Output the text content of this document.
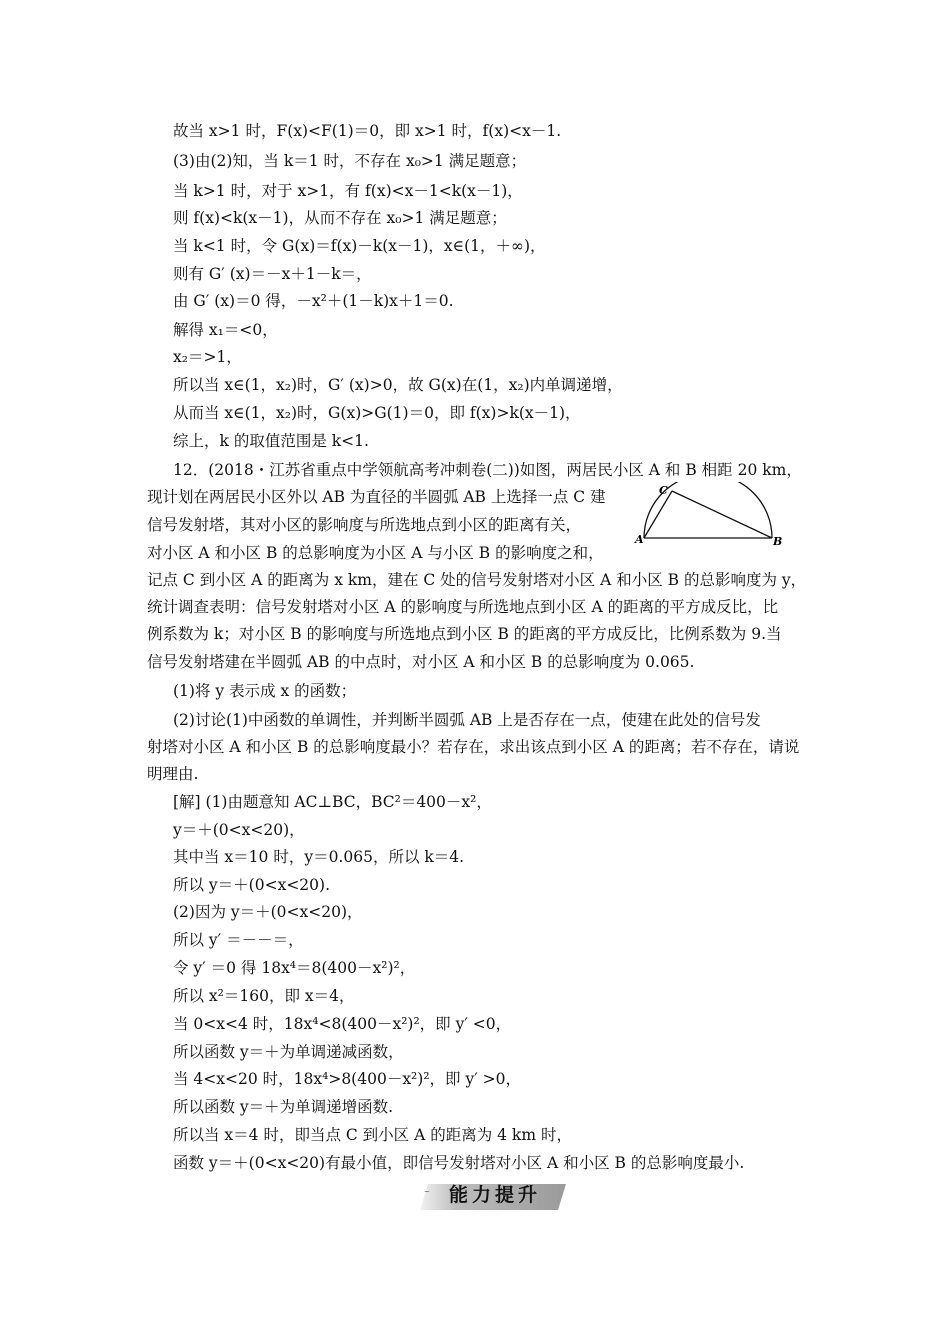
故当 x>1 时，F(x)<F(1)＝0，即 x>1 时，f(x)<x－1.
(3)由(2)知，当 k＝1 时，不存在 x₀>1 满足题意；
当 k>1 时，对于 x>1，有 f(x)<x－1<k(x－1)，
则 f(x)<k(x－1)，从而不存在 x₀>1 满足题意；
当 k<1 时，令 G(x)＝f(x)－k(x－1)，x∈(1，＋∞)，
则有 G′ (x)＝－x＋1－k＝，
由 G′ (x)＝0 得，－x²＋(1－k)x＋1＝0.
解得 x₁＝<0，
x₂＝>1，
所以当 x∈(1，x₂)时，G′ (x)>0，故 G(x)在(1，x₂)内单调递增，
从而当 x∈(1，x₂)时，G(x)>G(1)＝0，即 f(x)>k(x－1)，
综上，k 的取值范围是 k<1.
12．(2018・江苏省重点中学领航高考冲刺卷(二))如图，两居民小区 A 和 B 相距 20 km，
现计划在两居民小区外以 AB 为直径的半圆弧 AB 上选择一点 C 建
信号发射塔，其对小区的影响度与所选地点到小区的距离有关，
对小区 A 和小区 B 的总影响度为小区 A 与小区 B 的影响度之和，
记点 C 到小区 A 的距离为 x km，建在 C 处的信号发射塔对小区 A 和小区 B 的总影响度为 y，
统计调查表明：信号发射塔对小区 A 的影响度与所选地点到小区 A 的距离的平方成反比，比
例系数为 k；对小区 B 的影响度与所选地点到小区 B 的距离的平方成反比，比例系数为 9.当
信号发射塔建在半圆弧 AB 的中点时，对小区 A 和小区 B 的总影响度为 0.065.
(1)将 y 表示成 x 的函数；
(2)讨论(1)中函数的单调性，并判断半圆弧 AB 上是否存在一点，使建在此处的信号发
射塔对小区 A 和小区 B 的总影响度最小？若存在，求出该点到小区 A 的距离；若不存在，请说
明理由.
[解] (1)由题意知 AC⊥BC，BC²＝400－x²，
y＝＋(0<x<20)，
其中当 x＝10 时，y＝0.065，所以 k＝4.
所以 y＝＋(0<x<20).
(2)因为 y＝＋(0<x<20)，
所以 y′ ＝－－＝，
令 y′ ＝0 得 18x⁴＝8(400－x²)²，
所以 x²＝160，即 x＝4，
当 0<x<4 时，18x⁴<8(400－x²)²，即 y′ <0，
所以函数 y＝＋为单调递减函数，
当 4<x<20 时，18x⁴>8(400－x²)²，即 y′ >0，
所以函数 y＝＋为单调递增函数.
所以当 x＝4 时，即当点 C 到小区 A 的距离为 4 km 时，
函数 y＝＋(0<x<20)有最小值，即信号发射塔对小区 A 和小区 B 的总影响度最小.
A	B
C
~	能力提升
